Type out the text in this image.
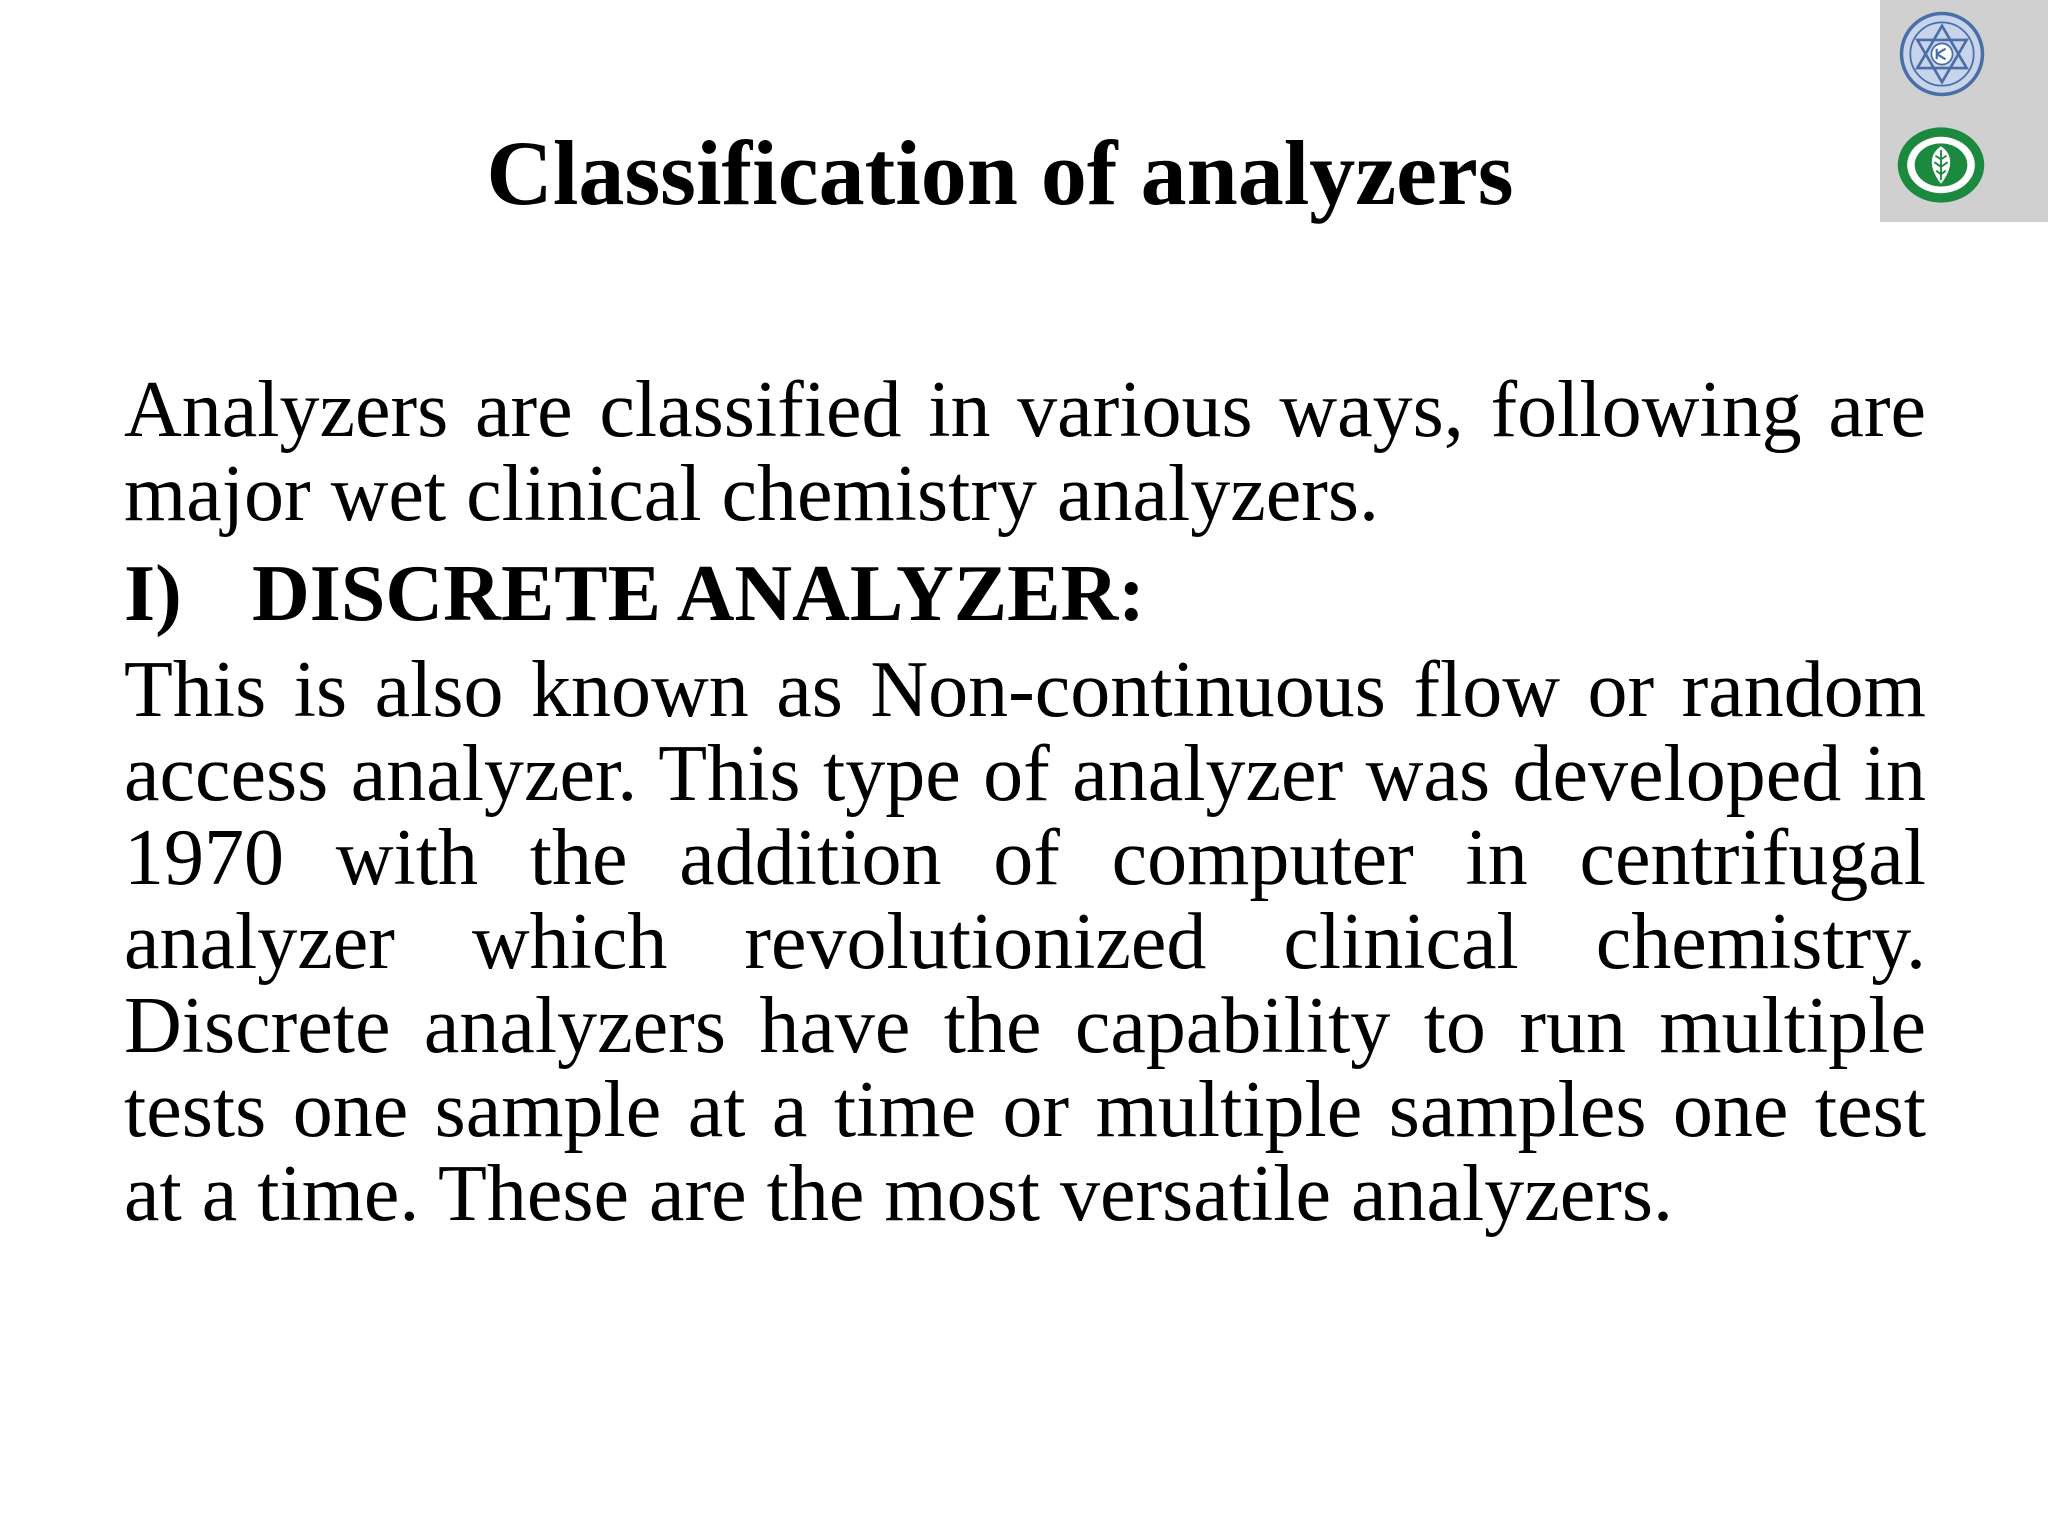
Classification of analyzers

Analyzers are classified in various ways, following are major wet clinical chemistry analyzers.

I) DISCRETE ANALYZER:

This is also known as Non-continuous flow or random access analyzer. This type of analyzer was developed in 1970 with the addition of computer in centrifugal analyzer which revolutionized clinical chemistry. Discrete analyzers have the capability to run multiple tests one sample at a time or multiple samples one test at a time. These are the most versatile analyzers.
